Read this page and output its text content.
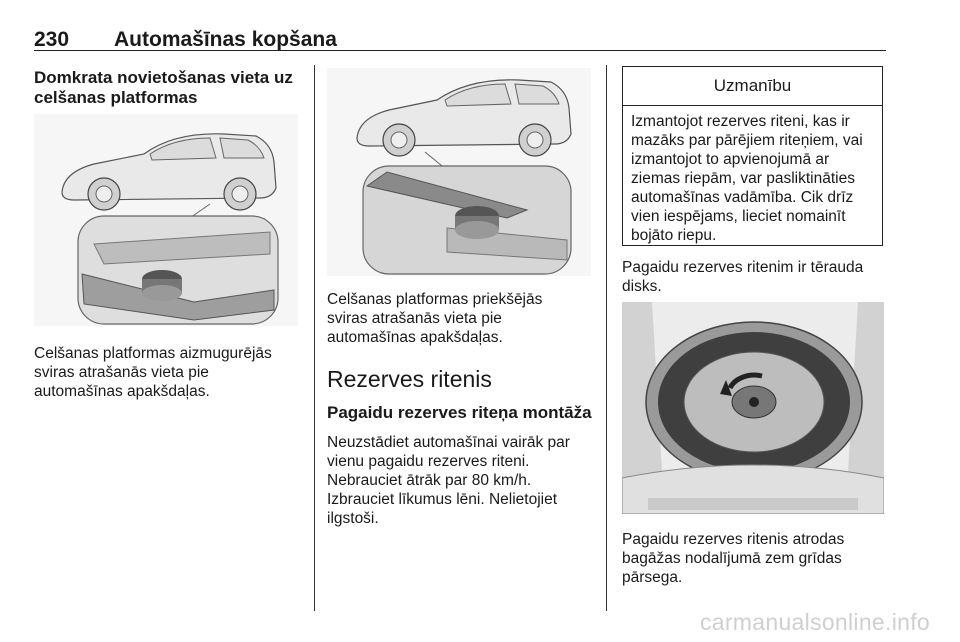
230 Automašīnas kopšana

Domkrata novietošanas vieta uz
celšanas platformas

Celšanas platformas aizmugurējās
sviras atrašanās vieta pie
automašīnas apakšdaļas.

Celšanas platformas priekšējās
sviras atrašanās vieta pie
automašīnas apakšdaļas.

Rezerves ritenis

Pagaidu rezerves riteņa montāža

Neuzstādiet automašīnai vairāk par
vienu pagaidu rezerves riteni.
Nebrauciet ātrāk par 80 km/h.
Izbrauciet līkumus lēni. Nelietojiet
ilgstoši.

Uzmanību
Izmantojot rezerves riteni, kas ir
mazāks par pārējiem riteņiem, vai
izmantojot to apvienojumā ar
ziemas riepām, var pasliktināties
automašīnas vadāmība. Cik drīz
vien iespējams, lieciet nomainīt
bojāto riepu.

Pagaidu rezerves ritenim ir tērauda
disks.

Pagaidu rezerves ritenis atrodas
bagāžas nodalījumā zem grīdas
pārsega.

carmanualsonline.info
